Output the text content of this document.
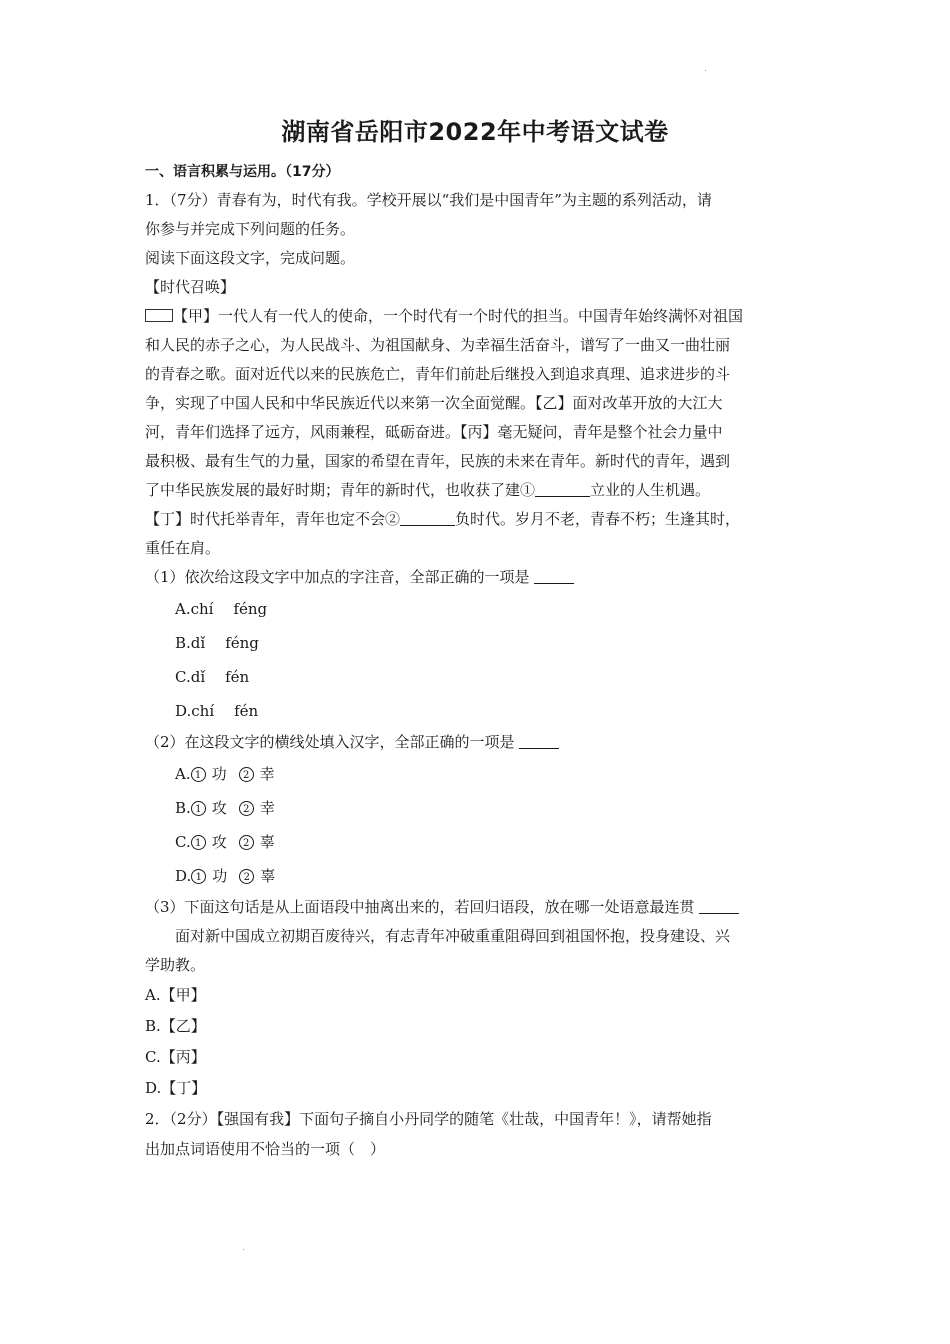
湖南省岳阳市2022年中考语文试卷
一、语言积累与运用。（17分）
1．（7分）青春有为，时代有我。学校开展以“我们是中国青年”为主题的系列活动，请
你参与并完成下列问题的任务。
阅读下面这段文字，完成问题。
【时代召唤】
【甲】一代人有一代人的使命，一个时代有一个时代的担当。中国青年始终满怀对祖国
和人民的赤子之心，为人民战斗、为祖国献身、为幸福生活奋斗，谱写了一曲又一曲壮丽
的青春之歌。面对近代以来的民族危亡，青年们前赴后继投入到追求真理、追求进步的斗
争，实现了中国人民和中华民族近代以来第一次全面觉醒。【乙】面对改革开放的大江大
河，青年们选择了远方，风雨兼程，砥砺奋进。【丙】毫无疑问，青年是整个社会力量中
最积极、最有生气的力量，国家的希望在青年，民族的未来在青年。新时代的青年，遇到
了中华民族发展的最好时期；青年的新时代，也收获了建①	立业的人生机遇。
【丁】时代托举青年，青年也定不会②	负时代。岁月不老，青春不朽；生逢其时，
重任在肩。
（1）依次给这段文字中加点的字注音，全部正确的一项是
A.chí féng
B.dǐ féng
C.dǐ fén
D.chí fén
（2）在这段文字的横线处填入汉字，全部正确的一项是
A. 1 功 2 幸
B. 1 攻 2 幸
C. 1 攻 2 辜
D. 1 功 2 辜
（3）下面这句话是从上面语段中抽离出来的，若回归语段，放在哪一处语意最连贯
面对新中国成立初期百废待兴，有志青年冲破重重阻碍回到祖国怀抱，投身建设、兴
学助教。
A.【甲】
B.【乙】
C.【丙】
D.【丁】
2．（2分）【强国有我】下面句子摘自小丹同学的随笔《壮哉，中国青年！》，请帮她指
出加点词语使用不恰当的一项（　）
